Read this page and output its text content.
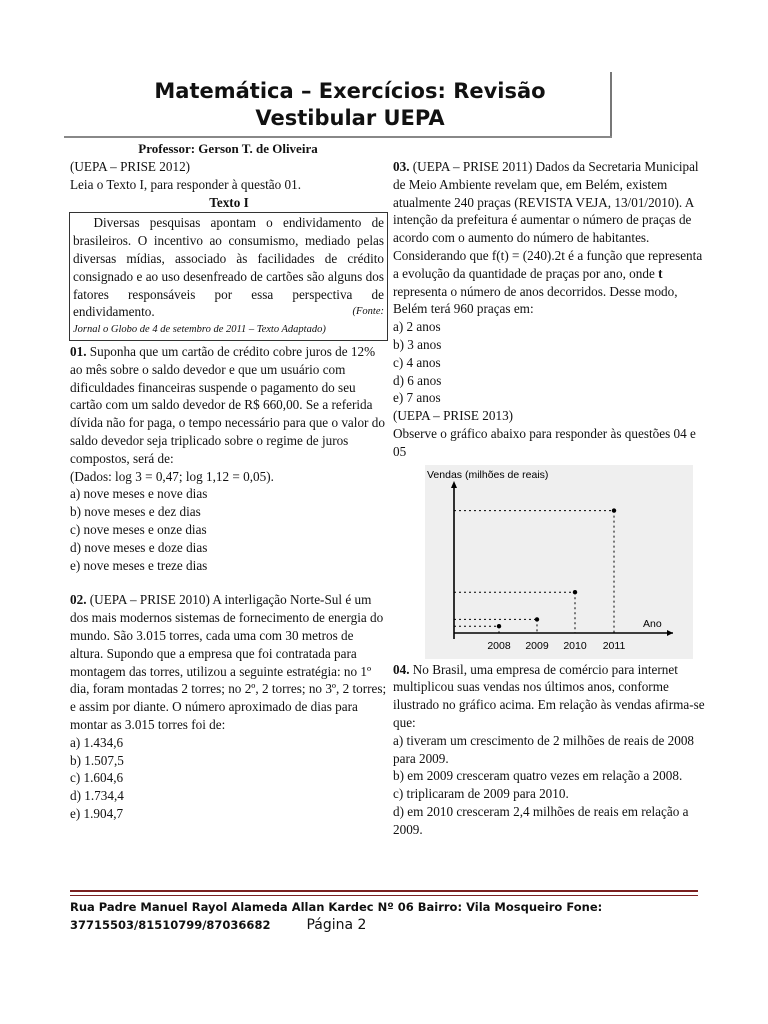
Matemática – Exercícios: Revisão
Vestibular UEPA
Professor: Gerson T. de Oliveira

(UEPA – PRISE 2012)

Leia o Texto I, para responder à questão 01.

Texto I

Diversas pesquisas apontam o endividamento de brasileiros. O incentivo ao consumismo, mediado pelas diversas mídias, associado às facilidades de crédito consignado e ao uso desenfreado de cartões são alguns dos fatores responsáveis por essa perspectiva de endividamento.	(Fonte:
Jornal o Globo de 4 de setembro de 2011 – Texto Adaptado)

01. Suponha que um cartão de crédito cobre juros de 12% ao mês sobre o saldo devedor e que um usuário com dificuldades financeiras suspende o pagamento do seu cartão com um saldo devedor de R$ 660,00. Se a referida dívida não for paga, o tempo necessário para que o valor do saldo devedor seja triplicado sobre o regime de juros compostos, será de:

(Dados: log 3 = 0,47; log 1,12 = 0,05).

a) nove meses e nove dias

b) nove meses e dez dias

c) nove meses e onze dias

d) nove meses e doze dias

e) nove meses e treze dias

02. (UEPA – PRISE 2010) A interligação Norte-Sul é um dos mais modernos sistemas de fornecimento de energia do mundo. São 3.015 torres, cada uma com 30 metros de altura. Supondo que a empresa que foi contratada para montagem das torres, utilizou a seguinte estratégia: no 1º dia, foram montadas 2 torres; no 2º, 2 torres; no 3º, 2 torres; e assim por diante. O número aproximado de dias para montar as 3.015 torres foi de:

a) 1.434,6

b) 1.507,5

c) 1.604,6

d) 1.734,4

e) 1.904,7

03. (UEPA – PRISE 2011) Dados da Secretaria Municipal de Meio Ambiente revelam que, em Belém, existem atualmente 240 praças (REVISTA VEJA, 13/01/2010). A intenção da prefeitura é aumentar o número de praças de acordo com o aumento do número de habitantes. Considerando que f(t) = (240).2t é a função que representa a evolução da quantidade de praças por ano, onde t representa o número de anos decorridos. Desse modo, Belém terá 960 praças em:

a) 2 anos

b) 3 anos

c) 4 anos

d) 6 anos

e) 7 anos

(UEPA – PRISE 2013)

Observe o gráfico abaixo para responder às questões 04 e 05

Vendas (milhões de reais)
Ano
2008 2009 2010 2011

04. No Brasil, uma empresa de comércio para internet multiplicou suas vendas nos últimos anos, conforme ilustrado no gráfico acima. Em relação às vendas afirma-se que:

a) tiveram um crescimento de 2 milhões de reais de 2008 para 2009.

b) em 2009 cresceram quatro vezes em relação a 2008.

c) triplicaram de 2009 para 2010.

d) em 2010 cresceram 2,4 milhões de reais em relação a 2009.

Rua Padre Manuel Rayol Alameda Allan Kardec Nº 06 Bairro: Vila Mosqueiro Fone:
37715503/81510799/87036682	Página 2
